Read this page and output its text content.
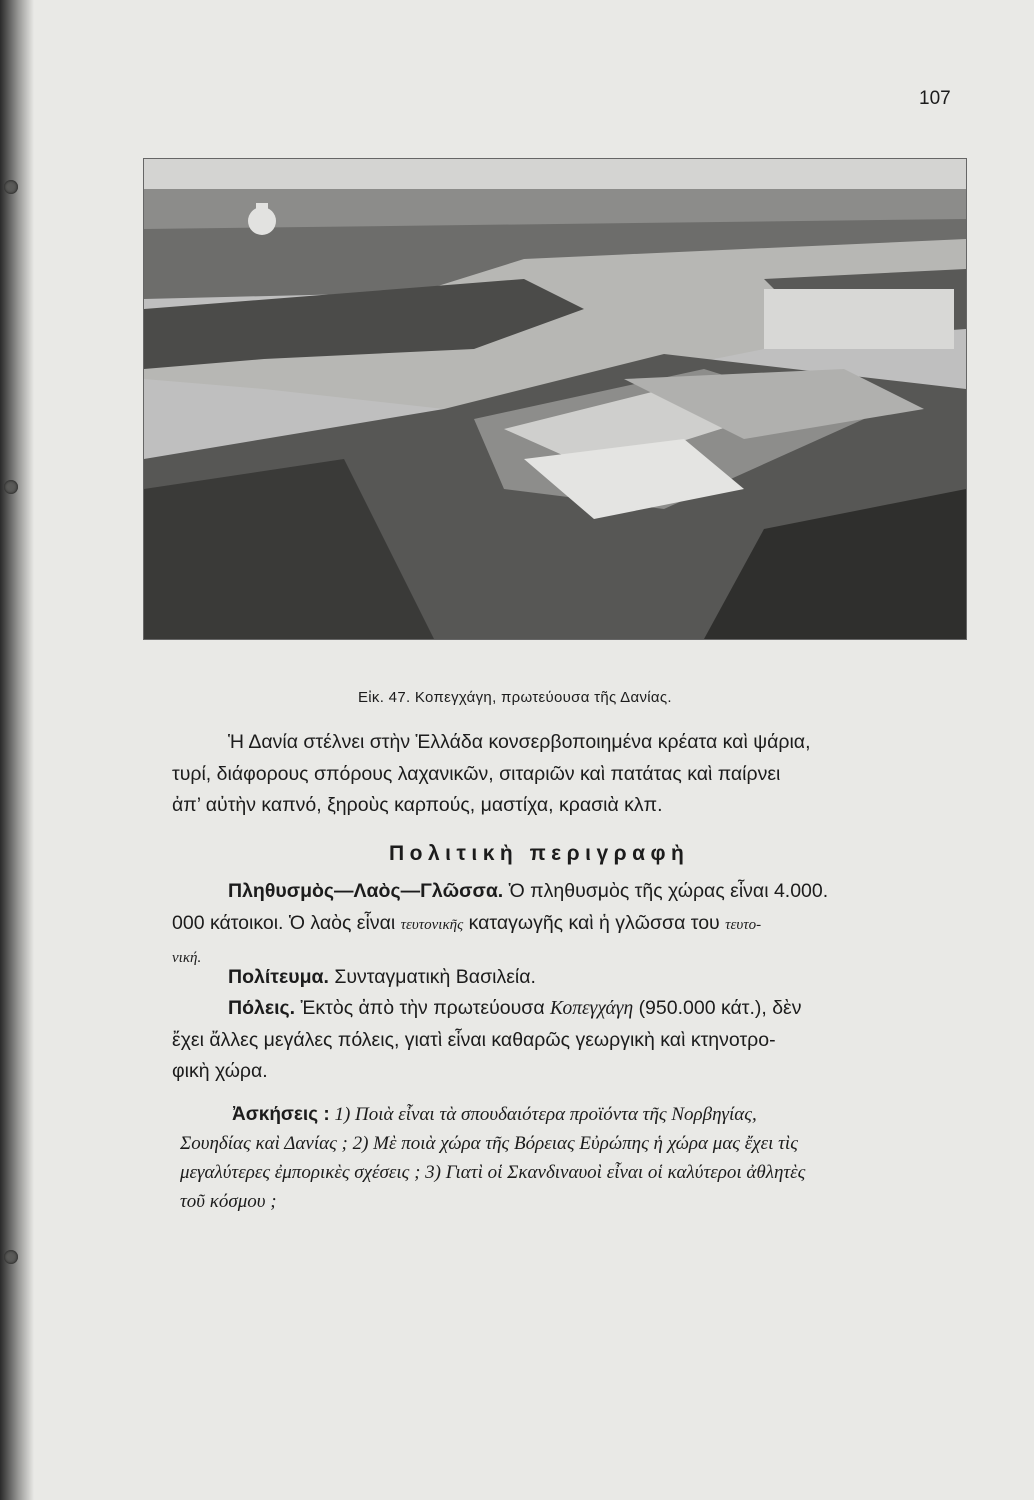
107
Εἰκ. 47. Κοπεγχάγη, πρωτεύουσα τῆς Δανίας.
Ἡ Δανία στέλνει στὴν Ἑλλάδα κονσερβοποιημένα κρέατα καὶ ψάρια,
τυρί, διάφορους σπόρους λαχανικῶν, σιταριῶν καὶ πατάτας καὶ παίρνει
ἀπ’ αὐτὴν καπνό, ξηροὺς καρπούς, μαστίχα, κρασιὰ κλπ.
Πολιτικὴ περιγραφὴ
Πληθυσμὸς—Λαὸς—Γλῶσσα. Ὁ πληθυσμὸς τῆς χώρας εἶναι 4.000.
000 κάτοικοι. Ὁ λαὸς εἶναι τευτονικῆς καταγωγῆς καὶ ἡ γλῶσσα του τευτο-
νική.
Πολίτευμα. Συνταγματικὴ Βασιλεία.
Πόλεις. Ἐκτὸς ἀπὸ τὴν πρωτεύουσα Κοπεγχάγη (950.000 κάτ.), δὲν
ἔχει ἄλλες μεγάλες πόλεις, γιατὶ εἶναι καθαρῶς γεωργικὴ καὶ κτηνοτρο-
φικὴ χώρα.
Ἀσκήσεις : 1) Ποιὰ εἶναι τὰ σπουδαιότερα προϊόντα τῆς Νορβηγίας,
Σουηδίας καὶ Δανίας ; 2) Μὲ ποιὰ χώρα τῆς Βόρειας Εὐρώπης ἡ χώρα μας ἔχει τὶς
μεγαλύτερες ἐμπορικὲς σχέσεις ; 3) Γιατὶ οἱ Σκανδιναυοὶ εἶναι οἱ καλύτεροι ἀθλητὲς
τοῦ κόσμου ;
